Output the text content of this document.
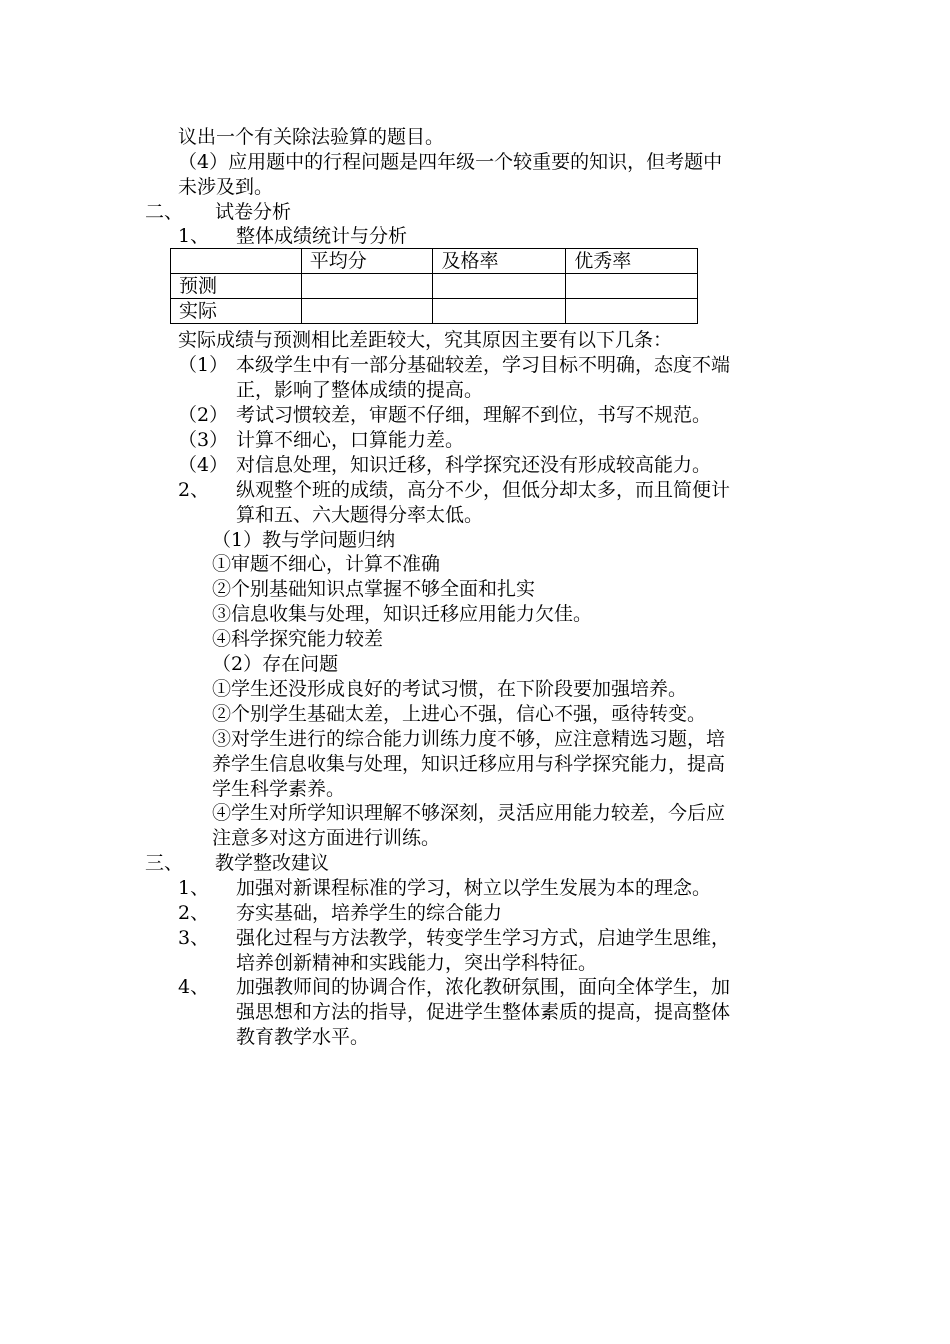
议出一个有关除法验算的题目。
（4）应用题中的行程问题是四年级一个较重要的知识，但考题中
未涉及到。
二、 试卷分析
1、 整体成绩统计与分析
	平均分	及格率	优秀率
预测			
实际			
实际成绩与预测相比差距较大，究其原因主要有以下几条：
（1） 本级学生中有一部分基础较差，学习目标不明确，态度不端
正，影响了整体成绩的提高。
（2） 考试习惯较差，审题不仔细，理解不到位，书写不规范。
（3） 计算不细心，口算能力差。
（4） 对信息处理，知识迁移，科学探究还没有形成较高能力。
2、 纵观整个班的成绩，高分不少，但低分却太多，而且简便计
算和五、六大题得分率太低。
（1）教与学问题归纳
①审题不细心，计算不准确
②个别基础知识点掌握不够全面和扎实
③信息收集与处理，知识迁移应用能力欠佳。
④科学探究能力较差
（2）存在问题
①学生还没形成良好的考试习惯，在下阶段要加强培养。
②个别学生基础太差，上进心不强，信心不强，亟待转变。
③对学生进行的综合能力训练力度不够，应注意精选习题，培
养学生信息收集与处理，知识迁移应用与科学探究能力，提高
学生科学素养。
④学生对所学知识理解不够深刻，灵活应用能力较差，今后应
注意多对这方面进行训练。
三、 教学整改建议
1、 加强对新课程标准的学习，树立以学生发展为本的理念。
2、 夯实基础，培养学生的综合能力
3、 强化过程与方法教学，转变学生学习方式，启迪学生思维，
培养创新精神和实践能力，突出学科特征。
4、 加强教师间的协调合作，浓化教研氛围，面向全体学生，加
强思想和方法的指导，促进学生整体素质的提高，提高整体
教育教学水平。
